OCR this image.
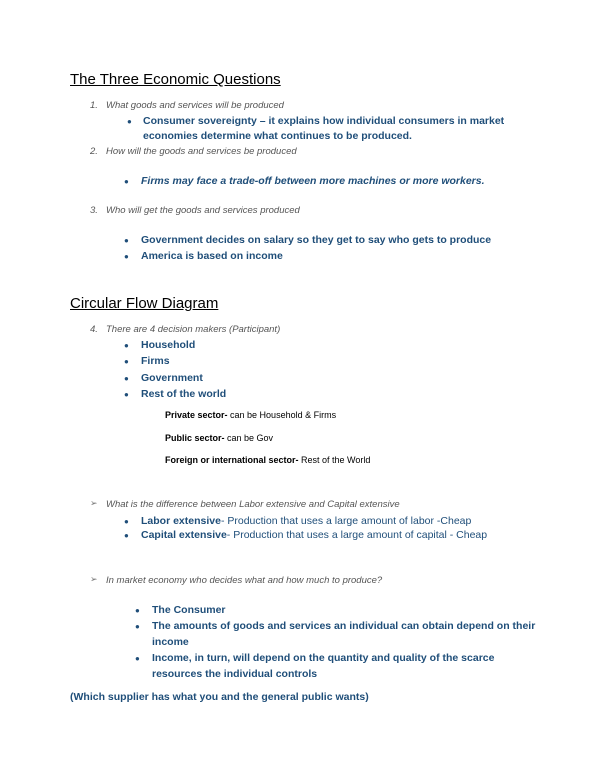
The Three Economic Questions
1. What goods and services will be produced
● Consumer sovereignty – it explains how individual consumers in market
economies determine what continues to be produced.
2. How will the goods and services be produced
● Firms may face a trade-off between more machines or more workers.
3. Who will get the goods and services produced
● Government decides on salary so they get to say who gets to produce
● America is based on income
Circular Flow Diagram
4. There are 4 decision makers (Participant)
● Household
● Firms
● Government
● Rest of the world
Private sector- can be Household & Firms
Public sector- can be Gov
Foreign or international sector- Rest of the World
➢ What is the difference between Labor extensive and Capital extensive
● Labor extensive- Production that uses a large amount of labor -Cheap
● Capital extensive- Production that uses a large amount of capital - Cheap
➢ In market economy who decides what and how much to produce?
● The Consumer
● The amounts of goods and services an individual can obtain depend on their
income
● Income, in turn, will depend on the quantity and quality of the scarce
resources the individual controls
(Which supplier has what you and the general public wants)
